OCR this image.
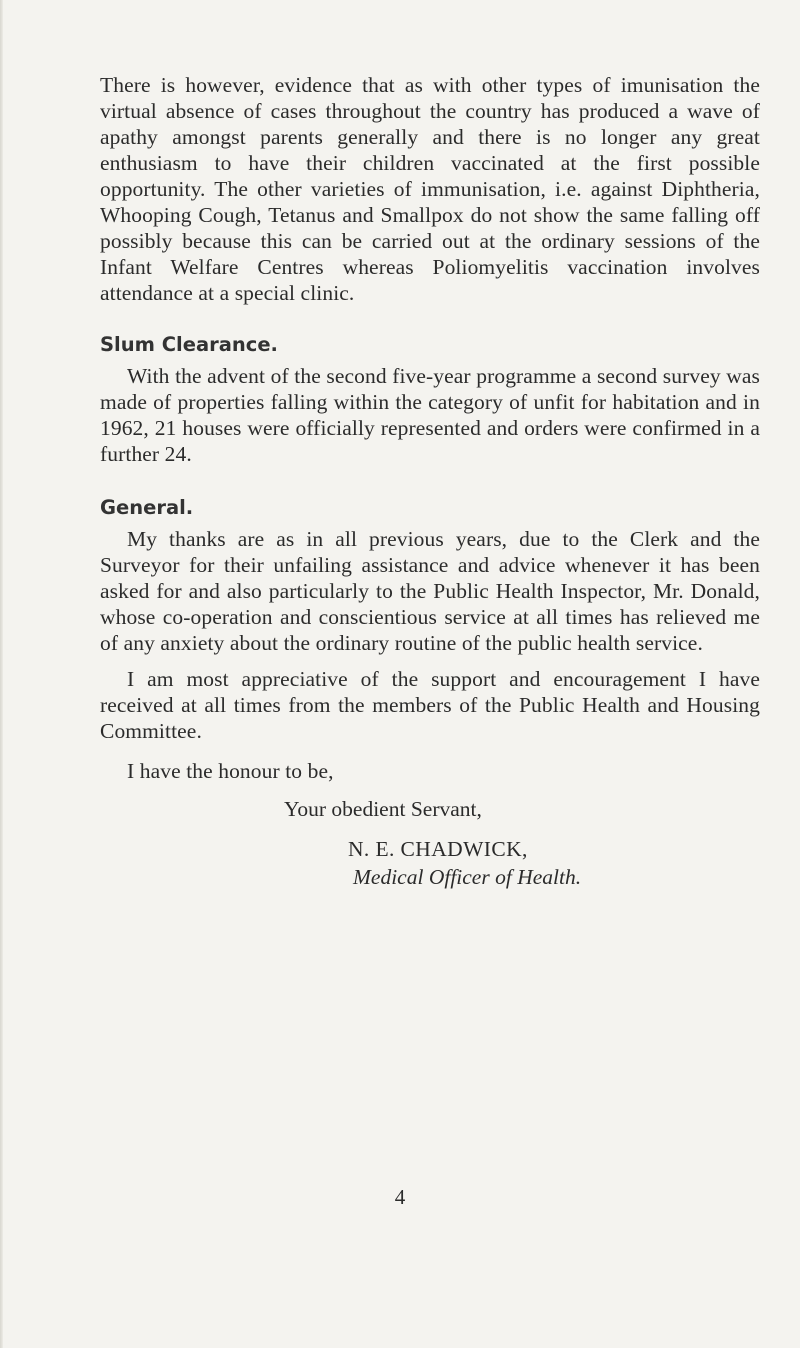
There is however, evidence that as with other types of imunisation the virtual absence of cases throughout the country has produced a wave of apathy amongst parents generally and there is no longer any great enthusiasm to have their children vaccinated at the first possible opportunity. The other varieties of immunisation, i.e. against Diphtheria, Whooping Cough, Tetanus and Smallpox do not show the same falling off possibly because this can be carried out at the ordinary sessions of the Infant Welfare Centres whereas Poliomyelitis vaccination involves attendance at a special clinic.

Slum Clearance.

With the advent of the second five-year programme a second survey was made of properties falling within the category of unfit for habitation and in 1962, 21 houses were officially represented and orders were confirmed in a further 24.

General.

My thanks are as in all previous years, due to the Clerk and the Surveyor for their unfailing assistance and advice whenever it has been asked for and also particularly to the Public Health Inspector, Mr. Donald, whose co-operation and conscientious service at all times has relieved me of any anxiety about the ordinary routine of the public health service.

I am most appreciative of the support and encouragement I have received at all times from the members of the Public Health and Housing Committee.

I have the honour to be,

Your obedient Servant,
N. E. CHADWICK,
Medical Officer of Health.
4
